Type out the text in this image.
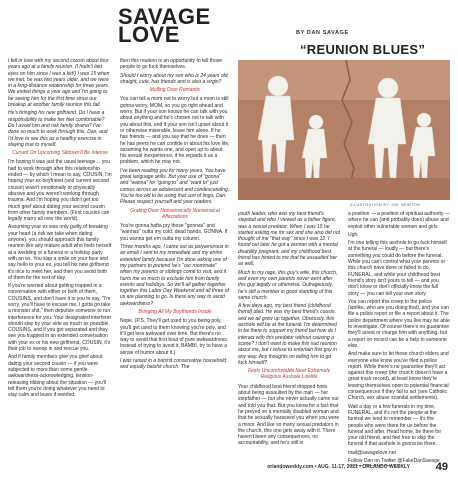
SAVAGE
LOVE	BY DAN SAVAGE
“REUNION BLUES”
ILLUSTRATION BY JOE NEWTON

I fell in love with my second cousin about four years ago at a family reunion. (I hadn't laid eyes on him since I was a kid!) I was 15 when we met, he was two years older, and we were in a long-distance relationship for three years. We ended things a year ago and I'm going to be seeing him for the first time since our breakup at another family reunion this fall.

He's bringing his new girlfriend. Do I have a responsibility to make her feel comfortable? Do I avoid him and risk family drama? I've done so much to work through this, Dan, and I'd love to see this as a healthy exercise in staying true to myself.

Cursed On Upcoming Sitdown'll Be Intense

I'm hoping it was just the usual teenage… you had to work through after this relationship ended — by which I mean to say, COUSIN, I'm hoping your ex-boyfriend (and current second cousin) wasn't emotionally or physically abusive and you weren't working through trauma. And I'm hoping you didn't get too much grief about dating your second cousin from other family members. (First cousins can legally marry all over the world).

Assuming your ex was only guilty of breaking your heart (a risk we take when dating anyone), you should approach this family reunion like any mature adult who finds herself at a wedding or a funeral or a holiday party with an ex. You slap a smile on your face and say hello to your ex, you tell his new girlfriend it's nice to meet her, and then you avoid both of them for the rest of day.

If you're worried about getting trapped in a conversation with either or both of them, COUSINS, and don't have it in you to say, "I'm sorry, you'll have to excuse me, I gotta go take a monster shit," then deputize someone to run interference for you. Your designated interferer should stay by your side as much as possible, COUSINS, and if you get separated and they see you trapped in an extended conversation with your ex or his new girlfriend, COUSIN, it's their job to swoop in and rescue you.

And if family members give you grief about dating your second cousin — if you were subjected to more than some gentle awkwardness-acknowledging, tension-releasing ribbing about the situation — you'll tell them you're doing whatever you need to stay calm and leave if needed.

then this reunion is an opportunity to tell those people to go fuck themselves.

Should I worry about my son who is 24 years old, straight, cute, has friends and is also a virgin?

Mulling Over Romantic

You can tell a mom not to worry but a mom is still gonna worry, MOM, so you go right ahead and worry. But if your son knows he can talk with you about anything and he's chosen not to talk with you about this, and if your son isn't upset about it or otherwise miserable, leave him alone. If he has friends — and you say that he does — then he has peers he can confide in about his love life, assuming he wants one, and open up to about his sexual inexperience, if he regards it as a problem, which he may not.

I've been reading you for many years. You have great language skills. But your use of "gonna" and "wanna" for "going to" and "want to" just comes across as adolescent and condescending. You're too old to be using that sort of lingo, Dan. Please respect yourself and your readers.

Grating Over Nonsensically Nonsensical Affectations

You're gonna hafta pry those "gonnas" and "wannas" outta my cold, dead hands, GONNA. If you wanna get em outta my column.

Three months ago, I came out as polyamorous in an email I sent to my immediate and my entire extended family because I'm done asking one of my partners to pretend he's "our roommate" when my parents or siblings come to visit, and it hurts me so much to exclude him from family events and holidays. So we'll all gather together together this Labor Day Weekend and all three of us are planning to go. Is there any way to avoid awkwardness?

Bringing All My Boyfriends Inside

Nope. (P.S. They'll get used to you being poly, you'll get used to them knowing you're poly, and it'll get less awkward over time. But there's no way to avoid that first bout of pure awkwardness. Instead of trying to avoid it, BAMBI, try to have a sense of humor about it.)

I was raised in a batshit conservative household and equally batshit church. The

youth leader, who was my best friend's stepdad and who I viewed as a father figure, was a sexual predator. When I was 15 he started asking me for sex and she also did not thought of me "that way" since I was 12. I found out later he got a woman with a mental disability pregnant, and my childhood best friend has hinted to me that he assaulted her as well.

Much to my rage, this guy's wife, this church, and even my own parents never went after this guy legally or otherwise. Outrageously, he's still a member in good standing of this same church.

A few days ago, my best friend (childhood friend) died. He was my best friend's cousin, and we all grew up together. Obviously, this asshole will be at the funeral. I'm determined to be there to support my friend but how do I interact with this predator without causing a scene? I don't want to make this sad reunion about me, but I refuse to entertain this guy in any way. Any thoughts on telling him to go fuck himself?

Feels Uncomfortable Near Extremely Religious Asshole Lowlife

Your childhood best friend dropped hints about being assaulted by the man — her stepfather — but she never actually came out and told you that. But you know for a fact that he preyed on a mentally disabled woman and that he sexually harassed you when you were a minor. And like so many sexual predators in the church, this one gets away with it. There haven't been any consequences, no accountability, and he's still in

a position — a position of spiritual authority — where he can (and probably does) abuse and exploit other vulnerable women and girls.

Ugh.

I'm one telling this asshole to go fuck himself at the funeral — loudly — but there's something you could do before the funeral. While you can't control what your parents or this church have done or failed to do, FUNERAL, and while your childhood best friend's story isn't yours to tell — and you don't know or don't officially know the full story — you can tell your own story.

You can report this creep to the police (ianlike, who are you doing that), and you can file a police report or file a report about it. The police department where you live may be able to investigate. Of course there's no guarantee they'll arrest or charge him with anything, but a report on record can be a help to someone else.

And make sure to let those church elders and everyone else know you've filed a police report. While there's no guarantee they'll act against this creep (the church doesn't have a great track record), at least know they're leaving themselves open to potential financial consequences if they fail to act (see Catholic Church, sex abuse scandal settlements).

Wait a day or a few funerals in my time, FUNERAL, and it's not the people at the funeral we tend to remember — it's the people who were there for us before the funeral and after. Head home, be there for your old friend, and feel free to skip the funeral if that asshole is gonna be there.

mail@savagelove.net

Follow Dan on Twitter @FakeDanSavage

orlandoweekly.com • AUG. 11-17, 2021 • ORLANDO WEEKLY 49
